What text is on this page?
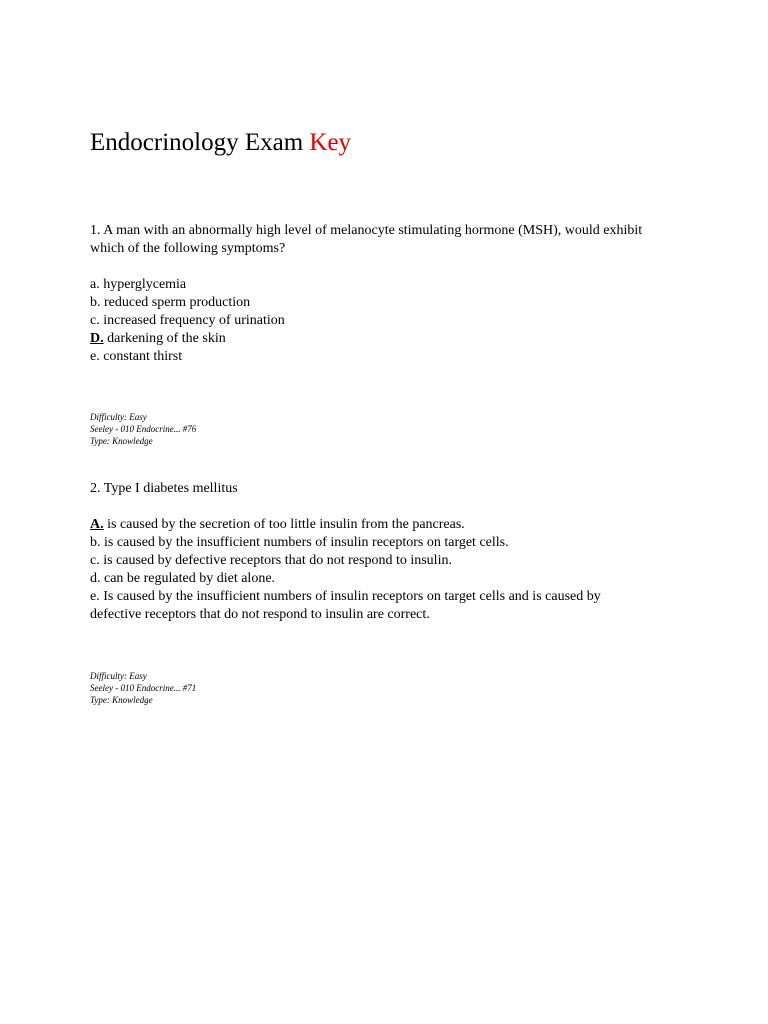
Endocrinology Exam Key

1. A man with an abnormally high level of melanocyte stimulating hormone (MSH), would exhibit which of the following symptoms?

a. hyperglycemia
b. reduced sperm production
c. increased frequency of urination
D. darkening of the skin
e. constant thirst
Difficulty: Easy
Seeley - 010 Endocrine... #76
Type: Knowledge

2. Type I diabetes mellitus

A. is caused by the secretion of too little insulin from the pancreas.
b. is caused by the insufficient numbers of insulin receptors on target cells.
c. is caused by defective receptors that do not respond to insulin.
d. can be regulated by diet alone.
e. Is caused by the insufficient numbers of insulin receptors on target cells and is caused by defective receptors that do not respond to insulin are correct.
Difficulty: Easy
Seeley - 010 Endocrine... #71
Type: Knowledge
